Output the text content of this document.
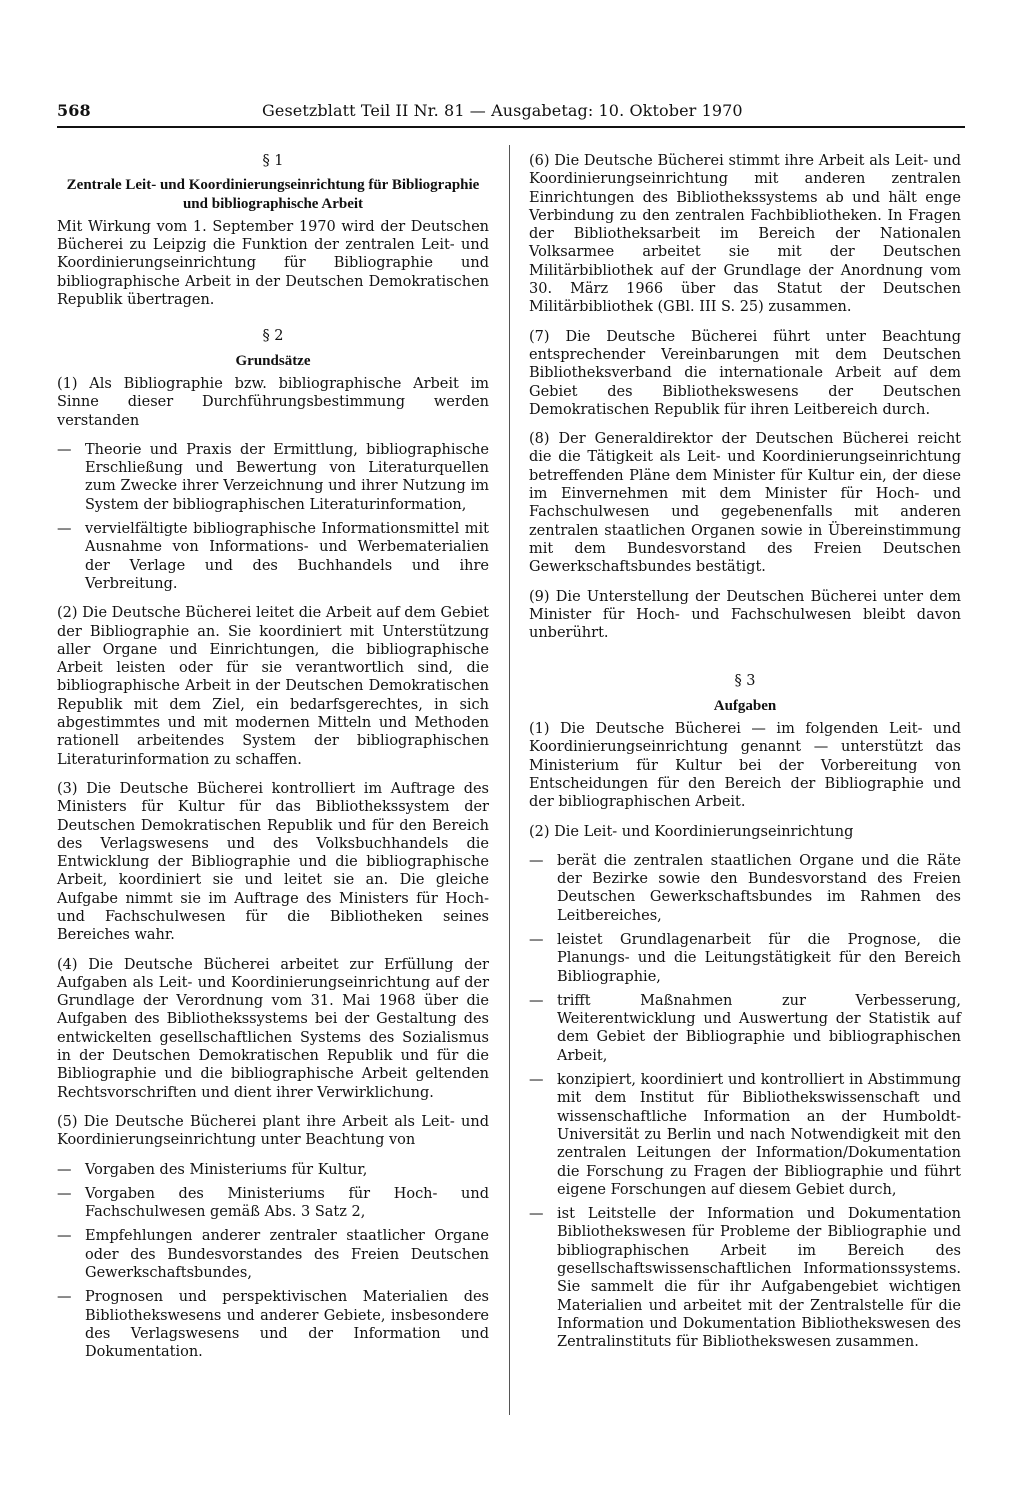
568	Gesetzblatt Teil II Nr. 81 — Ausgabetag: 10. Oktober 1970
§ 1
Zentrale Leit- und Koordinierungseinrichtung für Bibliographie und bibliographische Arbeit

Mit Wirkung vom 1. September 1970 wird der Deutschen Bücherei zu Leipzig die Funktion der zentralen Leit- und Koordinierungseinrichtung für Bibliographie und bibliographische Arbeit in der Deutschen Demokratischen Republik übertragen.

§ 2
Grundsätze

(1) Als Bibliographie bzw. bibliographische Arbeit im Sinne dieser Durchführungsbestimmung werden verstanden

— Theorie und Praxis der Ermittlung, bibliographische Erschließung und Bewertung von Literaturquellen zum Zwecke ihrer Verzeichnung und ihrer Nutzung im System der bibliographischen Literaturinformation,
— vervielfältigte bibliographische Informationsmittel mit Ausnahme von Informations- und Werbematerialien der Verlage und des Buchhandels und ihre Verbreitung.

(2) Die Deutsche Bücherei leitet die Arbeit auf dem Gebiet der Bibliographie an. Sie koordiniert mit Unterstützung aller Organe und Einrichtungen, die bibliographische Arbeit leisten oder für sie verantwortlich sind, die bibliographische Arbeit in der Deutschen Demokratischen Republik mit dem Ziel, ein bedarfsgerechtes, in sich abgestimmtes und mit modernen Mitteln und Methoden rationell arbeitendes System der bibliographischen Literaturinformation zu schaffen.

(3) Die Deutsche Bücherei kontrolliert im Auftrage des Ministers für Kultur für das Bibliothekssystem der Deutschen Demokratischen Republik und für den Bereich des Verlagswesens und des Volksbuchhandels die Entwicklung der Bibliographie und die bibliographische Arbeit, koordiniert sie und leitet sie an. Die gleiche Aufgabe nimmt sie im Auftrage des Ministers für Hoch- und Fachschulwesen für die Bibliotheken seines Bereiches wahr.

(4) Die Deutsche Bücherei arbeitet zur Erfüllung der Aufgaben als Leit- und Koordinierungseinrichtung auf der Grundlage der Verordnung vom 31. Mai 1968 über die Aufgaben des Bibliothekssystems bei der Gestaltung des entwickelten gesellschaftlichen Systems des Sozialismus in der Deutschen Demokratischen Republik und für die Bibliographie und die bibliographische Arbeit geltenden Rechtsvorschriften und dient ihrer Verwirklichung.

(5) Die Deutsche Bücherei plant ihre Arbeit als Leit- und Koordinierungseinrichtung unter Beachtung von

— Vorgaben des Ministeriums für Kultur,
— Vorgaben des Ministeriums für Hoch- und Fachschulwesen gemäß Abs. 3 Satz 2,
— Empfehlungen anderer zentraler staatlicher Organe oder des Bundesvorstandes des Freien Deutschen Gewerkschaftsbundes,
— Prognosen und perspektivischen Materialien des Bibliothekswesens und anderer Gebiete, insbesondere des Verlagswesens und der Information und Dokumentation.

(6) Die Deutsche Bücherei stimmt ihre Arbeit als Leit- und Koordinierungseinrichtung mit anderen zentralen Einrichtungen des Bibliothekssystems ab und hält enge Verbindung zu den zentralen Fachbibliotheken. In Fragen der Bibliotheksarbeit im Bereich der Nationalen Volksarmee arbeitet sie mit der Deutschen Militärbibliothek auf der Grundlage der Anordnung vom 30. März 1966 über das Statut der Deutschen Militärbibliothek (GBl. III S. 25) zusammen.

(7) Die Deutsche Bücherei führt unter Beachtung entsprechender Vereinbarungen mit dem Deutschen Bibliotheksverband die internationale Arbeit auf dem Gebiet des Bibliothekswesens der Deutschen Demokratischen Republik für ihren Leitbereich durch.

(8) Der Generaldirektor der Deutschen Bücherei reicht die die Tätigkeit als Leit- und Koordinierungseinrichtung betreffenden Pläne dem Minister für Kultur ein, der diese im Einvernehmen mit dem Minister für Hoch- und Fachschulwesen und gegebenenfalls mit anderen zentralen staatlichen Organen sowie in Übereinstimmung mit dem Bundesvorstand des Freien Deutschen Gewerkschaftsbundes bestätigt.

(9) Die Unterstellung der Deutschen Bücherei unter dem Minister für Hoch- und Fachschulwesen bleibt davon unberührt.

§ 3
Aufgaben

(1) Die Deutsche Bücherei — im folgenden Leit- und Koordinierungseinrichtung genannt — unterstützt das Ministerium für Kultur bei der Vorbereitung von Entscheidungen für den Bereich der Bibliographie und der bibliographischen Arbeit.

(2) Die Leit- und Koordinierungseinrichtung

— berät die zentralen staatlichen Organe und die Räte der Bezirke sowie den Bundesvorstand des Freien Deutschen Gewerkschaftsbundes im Rahmen des Leitbereiches,
— leistet Grundlagenarbeit für die Prognose, die Planungs- und die Leitungstätigkeit für den Bereich Bibliographie,
— trifft Maßnahmen zur Verbesserung, Weiterentwicklung und Auswertung der Statistik auf dem Gebiet der Bibliographie und bibliographischen Arbeit,
— konzipiert, koordiniert und kontrolliert in Abstimmung mit dem Institut für Bibliothekswissenschaft und wissenschaftliche Information an der Humboldt-Universität zu Berlin und nach Notwendigkeit mit den zentralen Leitungen der Information/Dokumentation die Forschung zu Fragen der Bibliographie und führt eigene Forschungen auf diesem Gebiet durch,
— ist Leitstelle der Information und Dokumentation Bibliothekswesen für Probleme der Bibliographie und bibliographischen Arbeit im Bereich des gesellschaftswissenschaftlichen Informationssystems. Sie sammelt die für ihr Aufgabengebiet wichtigen Materialien und arbeitet mit der Zentralstelle für die Information und Dokumentation Bibliothekswesen des Zentralinstituts für Bibliothekswesen zusammen.
